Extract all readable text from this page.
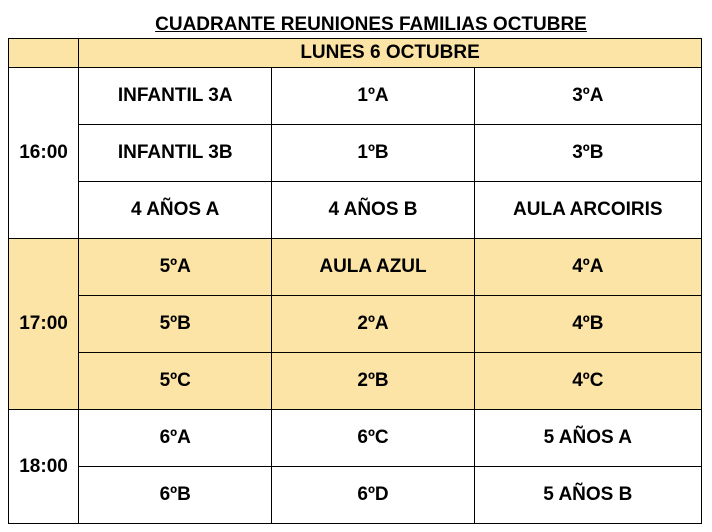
CUADRANTE REUNIONES FAMILIAS OCTUBRE
	LUNES 6 OCTUBRE		
16:00	INFANTIL 3A	1ºA	3ºA
	INFANTIL 3B	1ºB	3ºB
	4 AÑOS A	4 AÑOS B	AULA ARCOIRIS
17:00	5ºA	AULA AZUL	4ºA
	5ºB	2ºA	4ºB
	5ºC	2ºB	4ºC
18:00	6ºA	6ºC	5 AÑOS A
	6ºB	6ºD	5 AÑOS B
